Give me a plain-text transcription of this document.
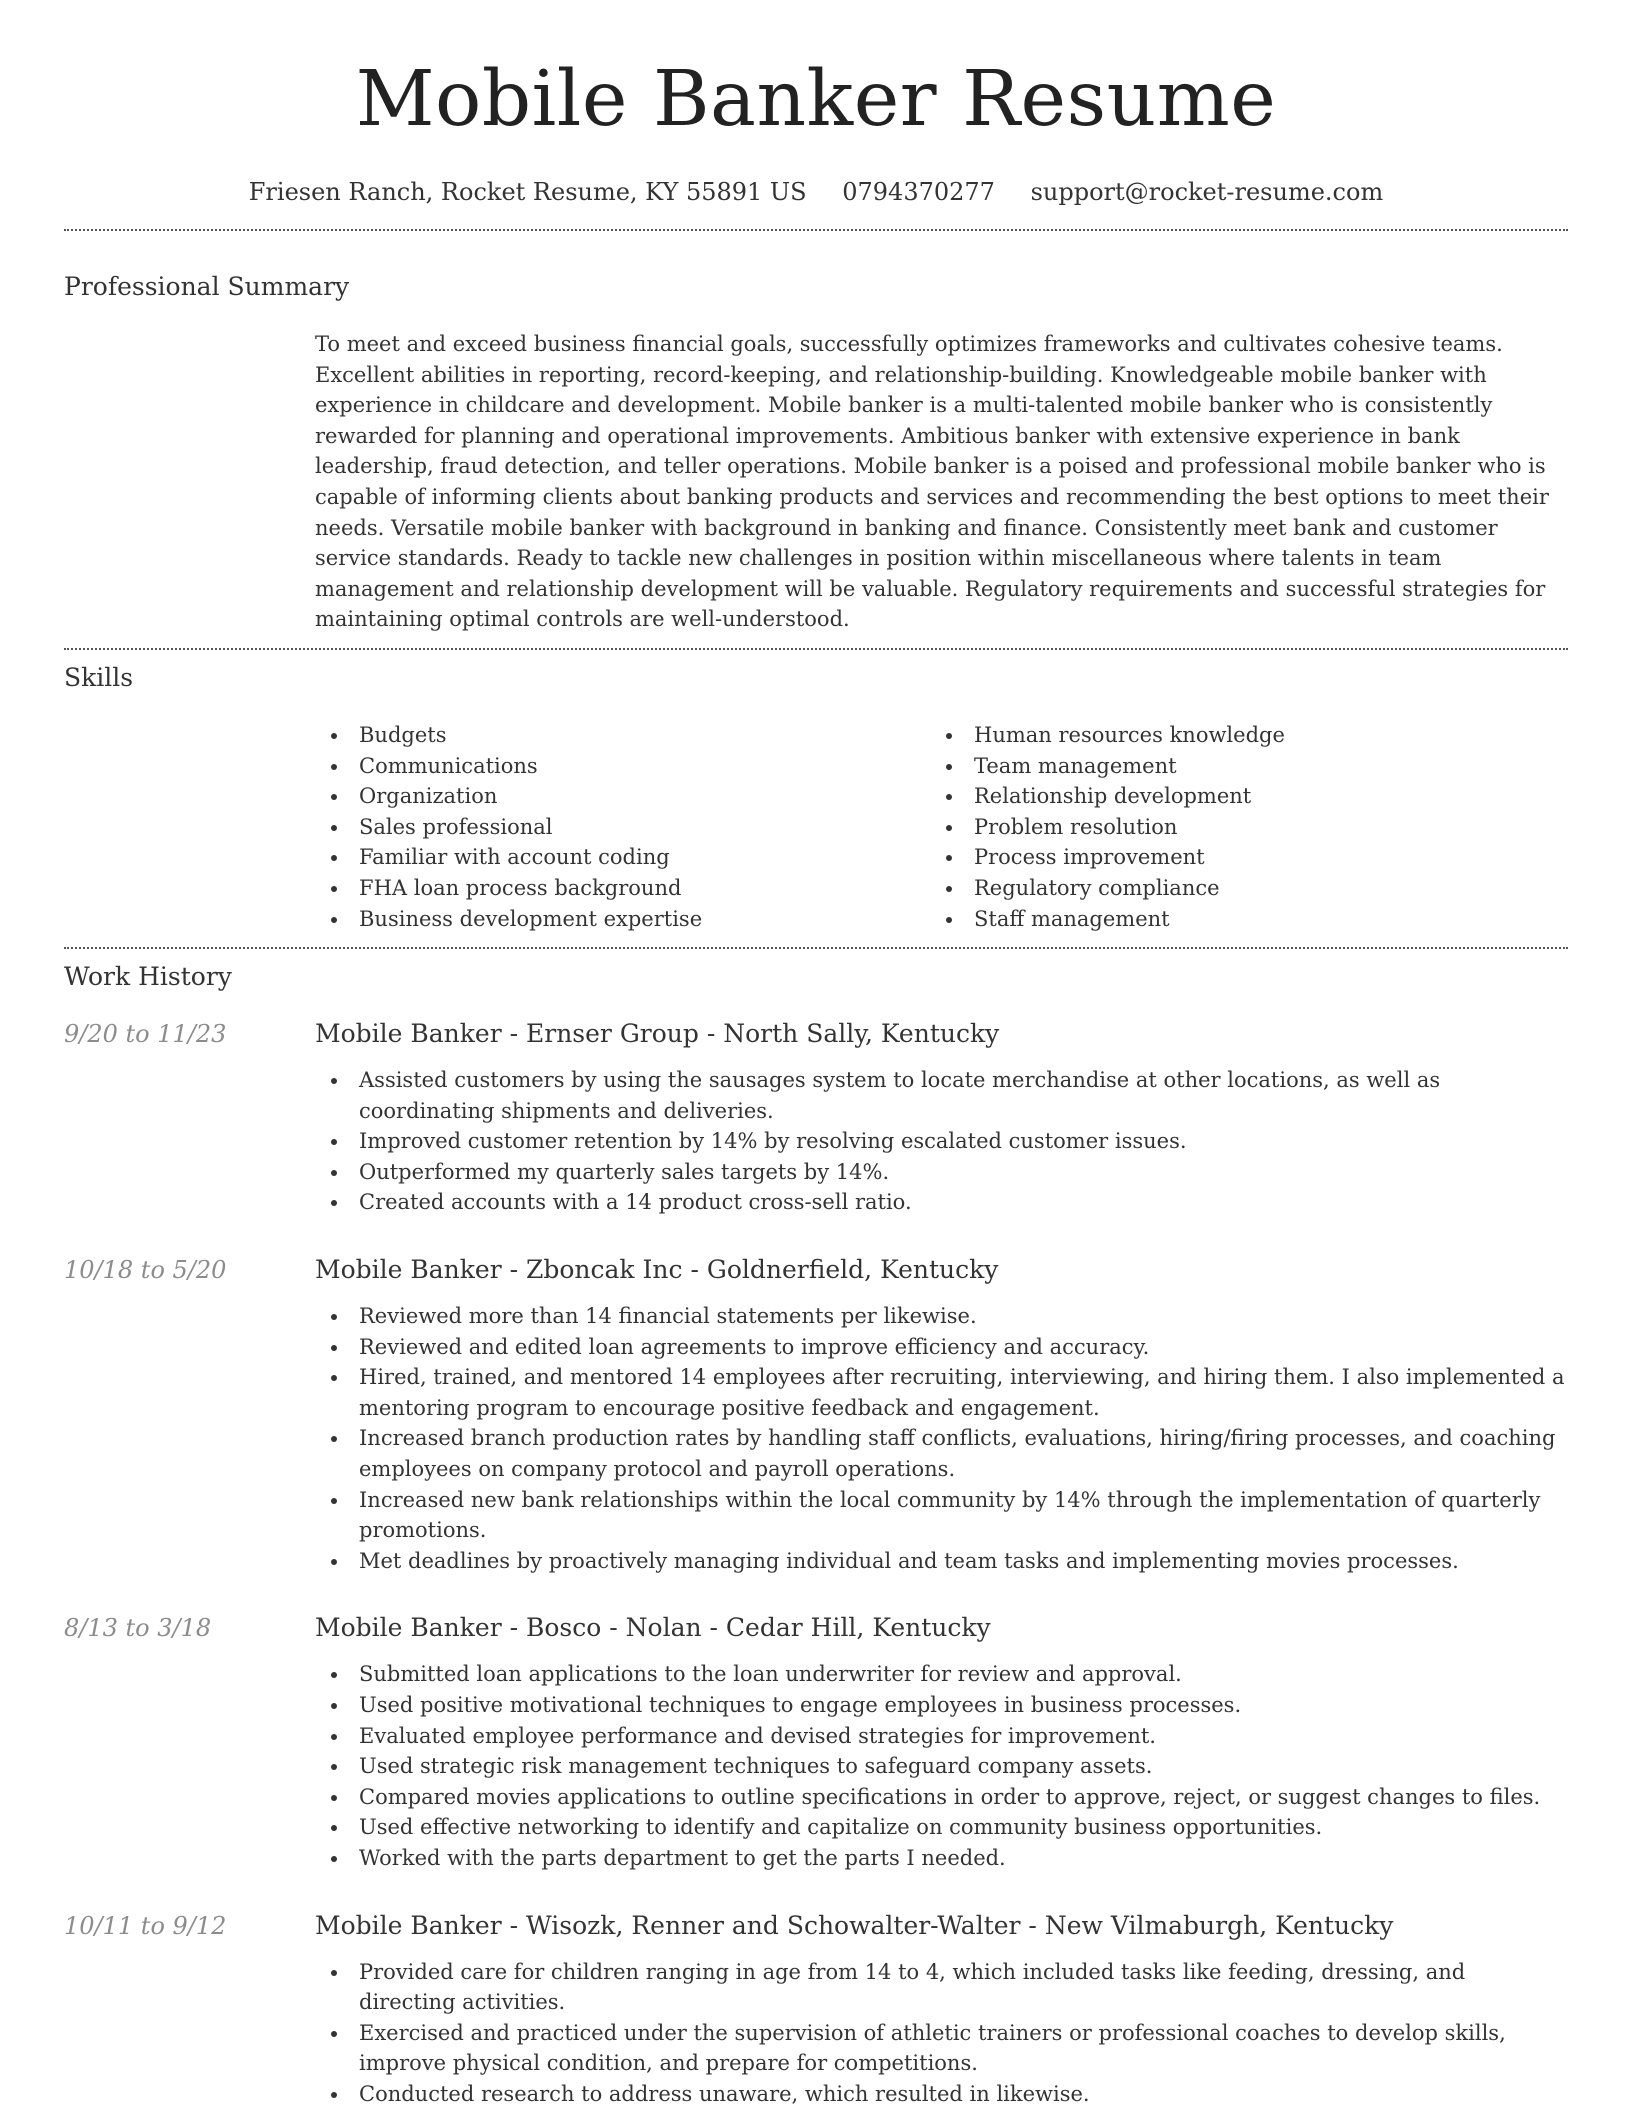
Mobile Banker Resume
Friesen Ranch, Rocket Resume, KY 55891 US 0794370277 support@rocket-resume.com
Professional Summary
To meet and exceed business financial goals, successfully optimizes frameworks and cultivates cohesive teams. Excellent abilities in reporting, record-keeping, and relationship-building. Knowledgeable mobile banker with experience in childcare and development. Mobile banker is a multi-talented mobile banker who is consistently rewarded for planning and operational improvements. Ambitious banker with extensive experience in bank leadership, fraud detection, and teller operations. Mobile banker is a poised and professional mobile banker who is capable of informing clients about banking products and services and recommending the best options to meet their needs. Versatile mobile banker with background in banking and finance. Consistently meet bank and customer service standards. Ready to tackle new challenges in position within miscellaneous where talents in team management and relationship development will be valuable. Regulatory requirements and successful strategies for maintaining optimal controls are well-understood.
Skills
Budgets
Communications
Organization
Sales professional
Familiar with account coding
FHA loan process background
Business development expertise
Human resources knowledge
Team management
Relationship development
Problem resolution
Process improvement
Regulatory compliance
Staff management
Work History
9/20 to 11/23	Mobile Banker - Ernser Group - North Sally, Kentucky
Assisted customers by using the sausages system to locate merchandise at other locations, as well as coordinating shipments and deliveries.
Improved customer retention by 14% by resolving escalated customer issues.
Outperformed my quarterly sales targets by 14%.
Created accounts with a 14 product cross-sell ratio.
10/18 to 5/20	Mobile Banker - Zboncak Inc - Goldnerfield, Kentucky
Reviewed more than 14 financial statements per likewise.
Reviewed and edited loan agreements to improve efficiency and accuracy.
Hired, trained, and mentored 14 employees after recruiting, interviewing, and hiring them. I also implemented a mentoring program to encourage positive feedback and engagement.
Increased branch production rates by handling staff conflicts, evaluations, hiring/firing processes, and coaching employees on company protocol and payroll operations.
Increased new bank relationships within the local community by 14% through the implementation of quarterly promotions.
Met deadlines by proactively managing individual and team tasks and implementing movies processes.
8/13 to 3/18	Mobile Banker - Bosco - Nolan - Cedar Hill, Kentucky
Submitted loan applications to the loan underwriter for review and approval.
Used positive motivational techniques to engage employees in business processes.
Evaluated employee performance and devised strategies for improvement.
Used strategic risk management techniques to safeguard company assets.
Compared movies applications to outline specifications in order to approve, reject, or suggest changes to files.
Used effective networking to identify and capitalize on community business opportunities.
Worked with the parts department to get the parts I needed.
10/11 to 9/12	Mobile Banker - Wisozk, Renner and Schowalter-Walter - New Vilmaburgh, Kentucky
Provided care for children ranging in age from 14 to 4, which included tasks like feeding, dressing, and directing activities.
Exercised and practiced under the supervision of athletic trainers or professional coaches to develop skills, improve physical condition, and prepare for competitions.
Conducted research to address unaware, which resulted in likewise.
